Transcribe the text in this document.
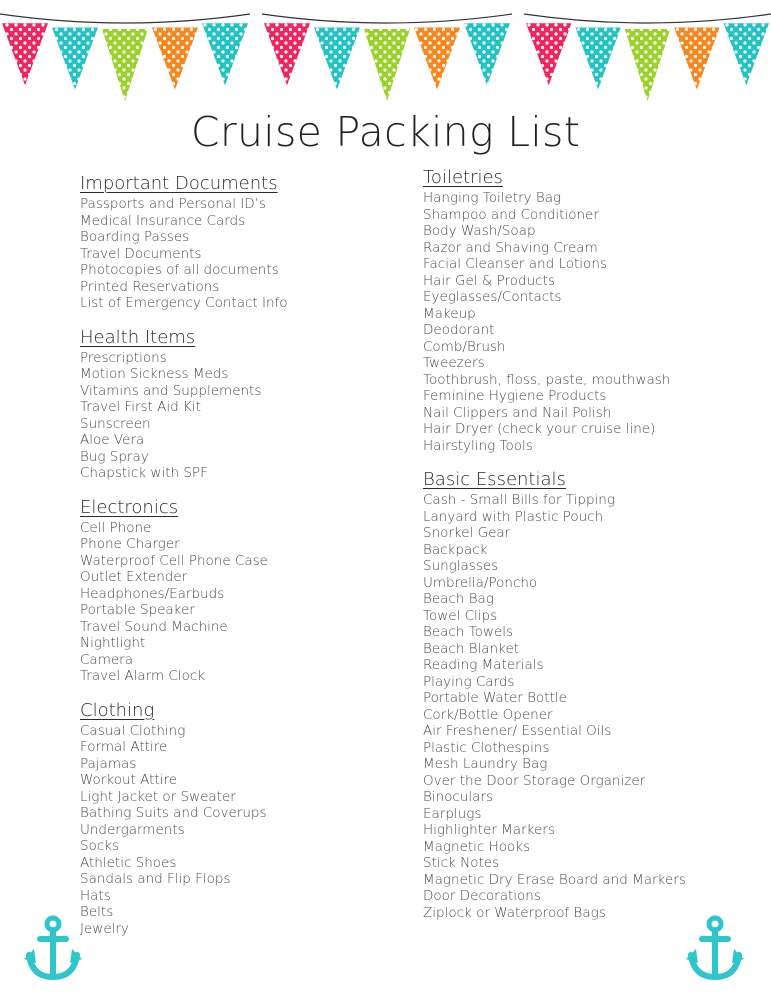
Cruise Packing List
Important Documents
Passports and Personal ID’s
Medical Insurance Cards
Boarding Passes
Travel Documents
Photocopies of all documents
Printed Reservations
List of Emergency Contact Info
Health Items
Prescriptions
Motion Sickness Meds
Vitamins and Supplements
Travel First Aid Kit
Sunscreen
Aloe Vera
Bug Spray
Chapstick with SPF
Electronics
Cell Phone
Phone Charger
Waterproof Cell Phone Case
Outlet Extender
Headphones/Earbuds
Portable Speaker
Travel Sound Machine
Nightlight
Camera
Travel Alarm Clock
Clothing
Casual Clothing
Formal Attire
Pajamas
Workout Attire
Light Jacket or Sweater
Bathing Suits and Coverups
Undergarments
Socks
Athletic Shoes
Sandals and Flip Flops
Hats
Belts
Jewelry
Toiletries
Hanging Toiletry Bag
Shampoo and Conditioner
Body Wash/Soap
Razor and Shaving Cream
Facial Cleanser and Lotions
Hair Gel & Products
Eyeglasses/Contacts
Makeup
Deodorant
Comb/Brush
Tweezers
Toothbrush, floss, paste, mouthwash
Feminine Hygiene Products
Nail Clippers and Nail Polish
Hair Dryer (check your cruise line)
Hairstyling Tools
Basic Essentials
Cash - Small Bills for Tipping
Lanyard with Plastic Pouch
Snorkel Gear
Backpack
Sunglasses
Umbrella/Poncho
Beach Bag
Towel Clips
Beach Towels
Beach Blanket
Reading Materials
Playing Cards
Portable Water Bottle
Cork/Bottle Opener
Air Freshener/ Essential Oils
Plastic Clothespins
Mesh Laundry Bag
Over the Door Storage Organizer
Binoculars
Earplugs
Highlighter Markers
Magnetic Hooks
Stick Notes
Magnetic Dry Erase Board and Markers
Door Decorations
Ziplock or Waterproof Bags
